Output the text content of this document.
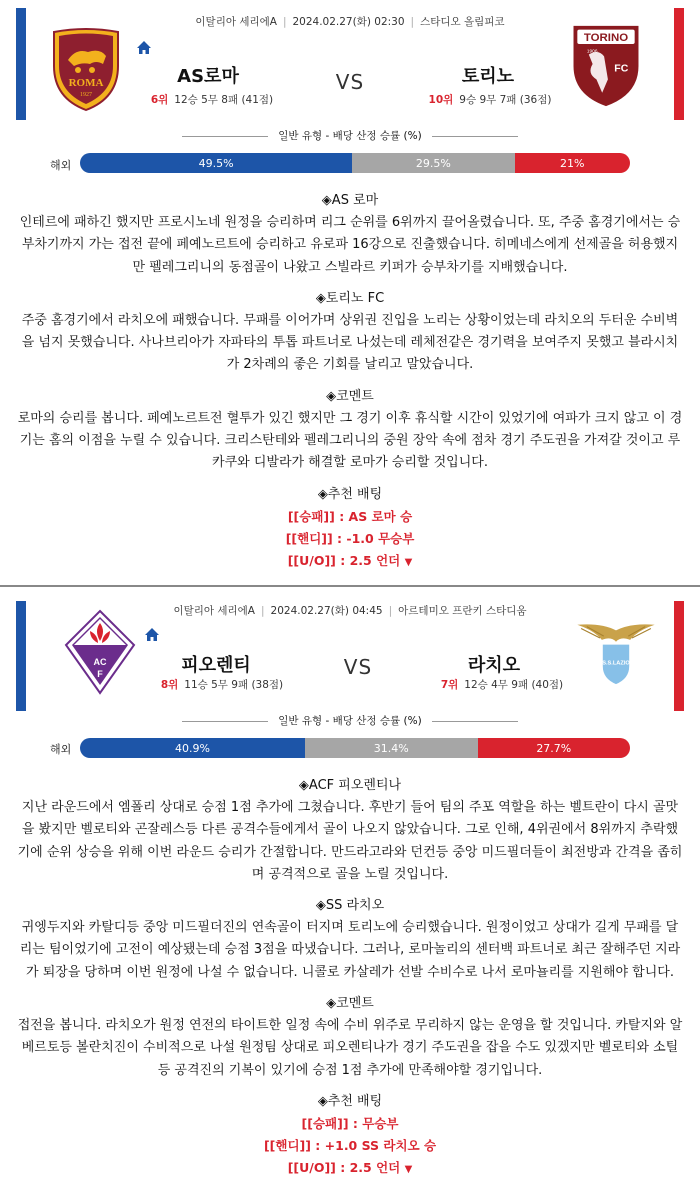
이탈리아 세리에A | 2024.02.27(화) 02:30 | 스타디오 올림피코
ROMA
1927
AS로마	VS	토리노
TORINO
FC
1906
6위 12승 5무 8패 (41점)	10위 9승 9무 7패 (36점)
일반 유형 - 배당 산정 승률 (%)
해외	49.5%	29.5%	21%
◈AS 로마
인테르에 패하긴 했지만 프로시노네 원정을 승리하며 리그 순위를 6위까지 끌어올렸습니다. 또, 주중 홈경기에서는 승부차기까지 가는 접전 끝에 페예노르트에 승리하고 유로파 16강으로 진출했습니다. 히메네스에게 선제골을 허용했지만 펠레그리니의 동점골이 나왔고 스빌라르 키퍼가 승부차기를 지배했습니다.
◈토리노 FC
주중 홈경기에서 라치오에 패했습니다. 무패를 이어가며 상위권 진입을 노리는 상황이었는데 라치오의 두터운 수비벽을 넘지 못했습니다. 사나브리아가 자파타의 투톱 파트너로 나섰는데 레체전같은 경기력을 보여주지 못했고 블라시치가 2차례의 좋은 기회를 날리고 말았습니다.
◈코멘트
로마의 승리를 봅니다. 페예노르트전 혈투가 있긴 했지만 그 경기 이후 휴식할 시간이 있었기에 여파가 크지 않고 이 경기는 홈의 이점을 누릴 수 있습니다. 크리스탄테와 펠레그리니의 중원 장악 속에 점차 경기 주도권을 가져갈 것이고 루카쿠와 디발라가 해결할 로마가 승리할 것입니다.
◈추천 배팅
[[승패]] : AS 로마 승
[[핸디]] : -1.0 무승부
[[U/O]] : 2.5 언더 ▼
이탈리아 세리에A | 2024.02.27(화) 04:45 | 아르테미오 프란키 스타디움
AC
F	피오렌티	VS	라치오	S.S.LAZIO
8위 11승 5무 9패 (38점)	7위 12승 4무 9패 (40점)
일반 유형 - 배당 산정 승률 (%)
해외	40.9%	31.4%	27.7%
◈ACF 피오렌티나
지난 라운드에서 엠폴리 상대로 승점 1점 추가에 그쳤습니다. 후반기 들어 팀의 주포 역할을 하는 벨트란이 다시 골맛을 봤지만 벨로티와 곤잘레스등 다른 공격수들에게서 골이 나오지 않았습니다. 그로 인해, 4위권에서 8위까지 추락했기에 순위 상승을 위해 이번 라운드 승리가 간절합니다. 만드라고라와 던컨등 중앙 미드필더들이 최전방과 간격을 좁히며 공격적으로 골을 노릴 것입니다.
◈SS 라치오
귀엥두지와 카탈디등 중앙 미드필더진의 연속골이 터지며 토리노에 승리했습니다. 원정이었고 상대가 길게 무패를 달리는 팀이었기에 고전이 예상됐는데 승점 3점을 따냈습니다. 그러나, 로마놀리의 센터백 파트너로 최근 잘해주던 지라가 퇴장을 당하며 이번 원정에 나설 수 없습니다. 니콜로 카살레가 선발 수비수로 나서 로마뇰리를 지원해야 합니다.
◈코멘트
접전을 봅니다. 라치오가 원정 연전의 타이트한 일정 속에 수비 위주로 무리하지 않는 운영을 할 것입니다. 카탈지와 알베르토등 볼란치진이 수비적으로 나설 원정팀 상대로 피오렌티나가 경기 주도권을 잡을 수도 있겠지만 벨로티와 소틸등 공격진의 기복이 있기에 승점 1점 추가에 만족해야할 경기입니다.
◈추천 배팅
[[승패]] : 무승부
[[핸디]] : +1.0 SS 라치오 승
[[U/O]] : 2.5 언더 ▼
